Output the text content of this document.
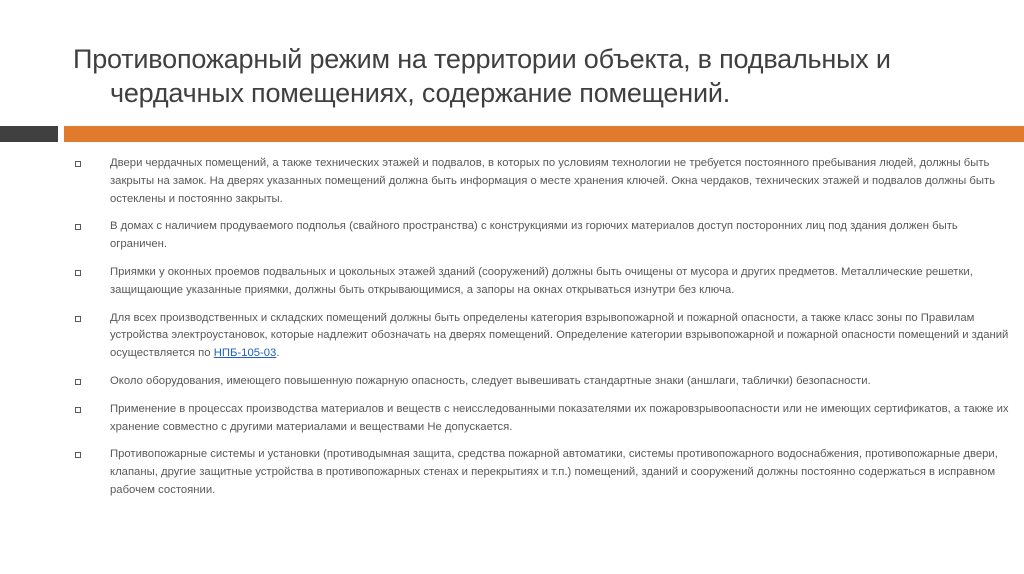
Противопожарный режим на территории объекта, в подвальных и
чердачных помещениях, содержание помещений.
Двери чердачных помещений, а также технических этажей и подвалов, в которых по условиям технологии не требуется постоянного пребывания людей, должны быть закрыты на замок. На дверях указанных помещений должна быть информация о месте хранения ключей. Окна чердаков, технических этажей и подвалов должны быть остеклены и постоянно закрыты.
В домах с наличием продуваемого подполья (свайного пространства) с конструкциями из горючих материалов доступ посторонних лиц под здания должен быть ограничен.
Приямки у оконных проемов подвальных и цокольных этажей зданий (сооружений) должны быть очищены от мусора и других предметов. Металлические решетки, защищающие указанные приямки, должны быть открывающимися, а запоры на окнах открываться изнутри без ключа.
Для всех производственных и складских помещений должны быть определены категория взрывопожарной и пожарной опасности, а также класс зоны по Правилам устройства электроустановок, которые надлежит обозначать на дверях помещений. Определение категории взрывопожарной и пожарной опасности помещений и зданий осуществляется по НПБ-105-03.
Около оборудования, имеющего повышенную пожарную опасность, следует вывешивать стандартные знаки (аншлаги, таблички) безопасности.
Применение в процессах производства материалов и веществ с неисследованными показателями их пожаровзрывоопасности или не имеющих сертификатов, а также их хранение совместно с другими материалами и веществами Не допускается.
Противопожарные системы и установки (противодымная защита, средства пожарной автоматики, системы противопожарного водоснабжения, противопожарные двери, клапаны, другие защитные устройства в противопожарных стенах и перекрытиях и т.п.) помещений, зданий и сооружений должны постоянно содержаться в исправном рабочем состоянии.
